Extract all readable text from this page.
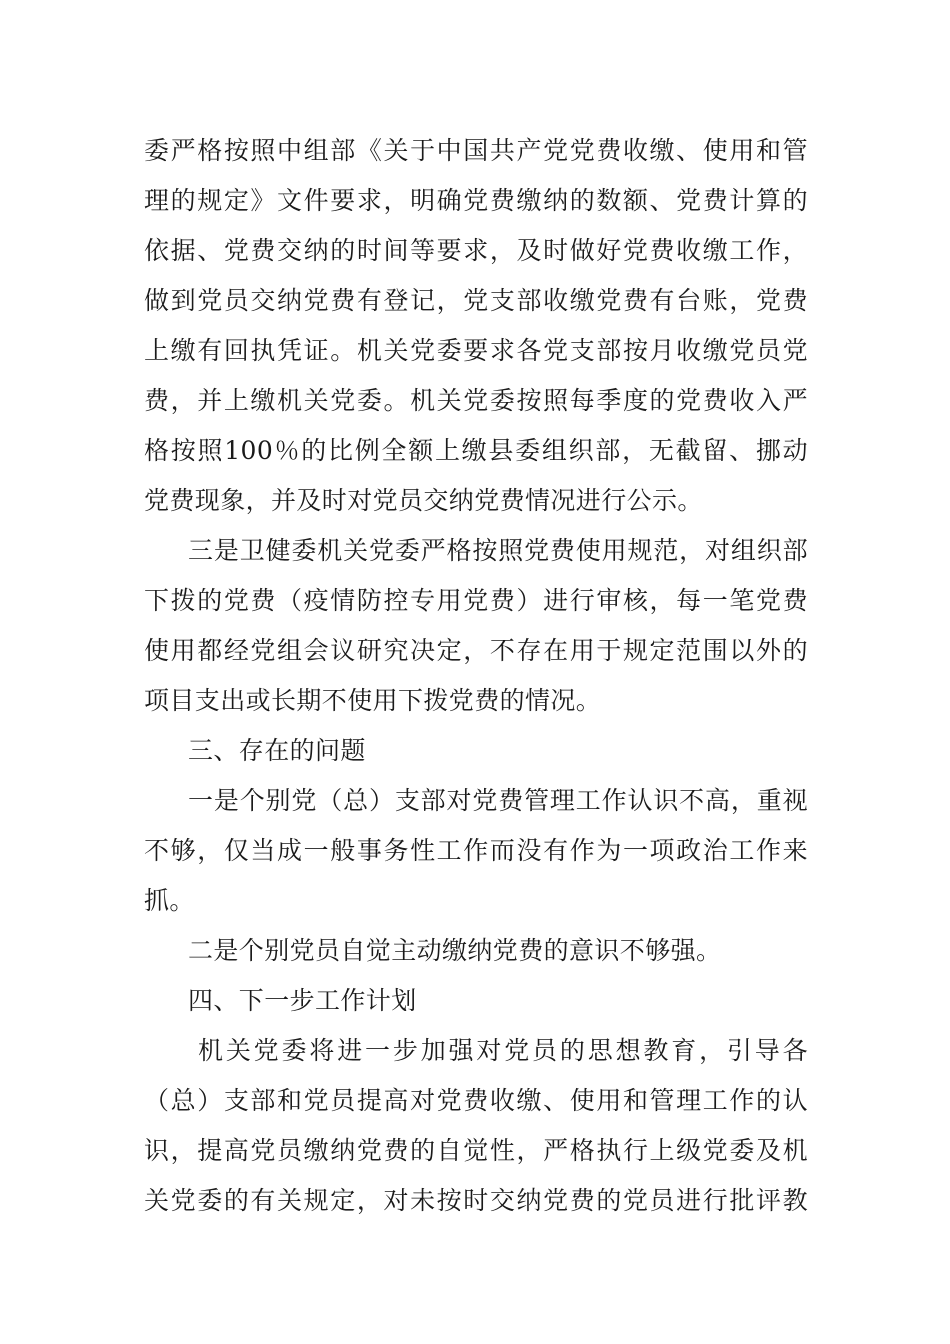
委严格按照中组部《关于中国共产党党费收缴、使用和管
理的规定》文件要求，明确党费缴纳的数额、党费计算的
依据、党费交纳的时间等要求，及时做好党费收缴工作，
做到党员交纳党费有登记，党支部收缴党费有台账，党费
上缴有回执凭证。机关党委要求各党支部按月收缴党员党
费，并上缴机关党委。机关党委按照每季度的党费收入严
格按照100％的比例全额上缴县委组织部，无截留、挪动
党费现象，并及时对党员交纳党费情况进行公示。
三是卫健委机关党委严格按照党费使用规范，对组织部
下拨的党费（疫情防控专用党费）进行审核，每一笔党费
使用都经党组会议研究决定，不存在用于规定范围以外的
项目支出或长期不使用下拨党费的情况。
三、存在的问题
一是个别党（总）支部对党费管理工作认识不高，重视
不够，仅当成一般事务性工作而没有作为一项政治工作来
抓。
二是个别党员自觉主动缴纳党费的意识不够强。
四、下一步工作计划
机关党委将进一步加强对党员的思想教育，引导各
（总）支部和党员提高对党费收缴、使用和管理工作的认
识，提高党员缴纳党费的自觉性，严格执行上级党委及机
关党委的有关规定，对未按时交纳党费的党员进行批评教
